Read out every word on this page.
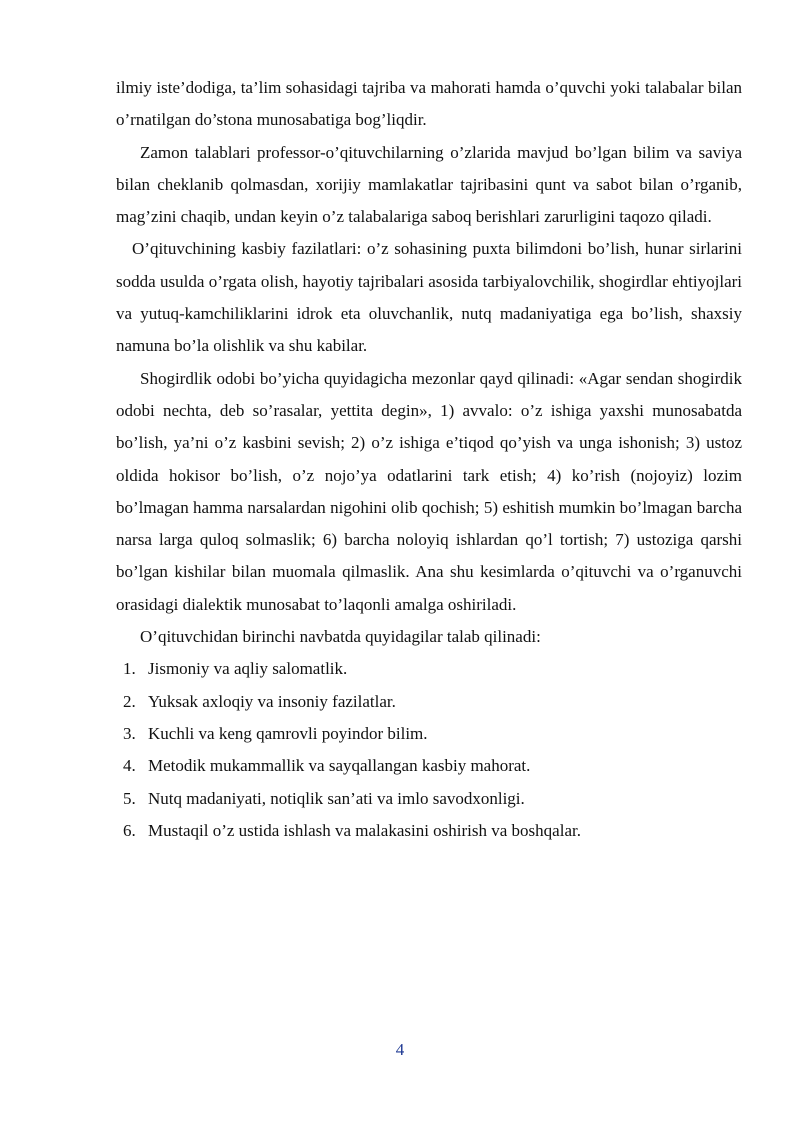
ilmiy iste’dodiga, ta’lim sohasidagi tajriba va mahorati hamda o’quvchi yoki talabalar bilan o’rnatilgan do’stona munosabatiga bog’liqdir.

Zamon talablari professor-o’qituvchilarning o’zlarida mavjud bo’lgan bilim va saviya bilan cheklanib qolmasdan, xorijiy mamlakatlar tajribasini qunt va sabot bilan o’rganib, mag’zini chaqib, undan keyin o’z talabalariga saboq berishlari zarurligini taqozo qiladi.

O’qituvchining kasbiy fazilatlari: o’z sohasining puxta bilimdoni bo’lish, hunar sirlarini sodda usulda o’rgata olish, hayotiy tajribalari asosida tarbiyalovchilik, shogirdlar ehtiyojlari va yutuq-kamchiliklarini idrok eta oluvchanlik, nutq madaniyatiga ega bo’lish, shaxsiy namuna bo’la olishlik va shu kabilar.

Shogirdlik odobi bo’yicha quyidagicha mezonlar qayd qilinadi: «Agar sendan shogirdik odobi nechta, deb so’rasalar, yettita degin», 1) avvalo: o’z ishiga yaxshi munosabatda bo’lish, ya’ni o’z kasbini sevish; 2) o’z ishiga e’tiqod qo’yish va unga ishonish; 3) ustoz oldida hokisor bo’lish, o’z nojo’ya odatlarini tark etish; 4) ko’rish (nojoyiz) lozim bo’lmagan hamma narsalardan nigohini olib qochish; 5) eshitish mumkin bo’lmagan barcha narsa larga quloq solmaslik; 6) barcha noloyiq ishlardan qo’l tortish; 7) ustoziga qarshi bo’lgan kishilar bilan muomala qilmaslik. Ana shu kesimlarda o’qituvchi va o’rganuvchi orasidagi dialektik munosabat to’laqonli amalga oshiriladi.

O’qituvchidan birinchi navbatda quyidagilar talab qilinadi:

1. Jismoniy va aqliy salomatlik.
2. Yuksak axloqiy va insoniy fazilatlar.
3. Kuchli va keng qamrovli poyindor bilim.
4. Metodik mukammallik va sayqallangan kasbiy mahorat.
5. Nutq madaniyati, notiqlik san’ati va imlo savodxonligi.
6. Mustaqil o’z ustida ishlash va malakasini oshirish va boshqalar.
4
